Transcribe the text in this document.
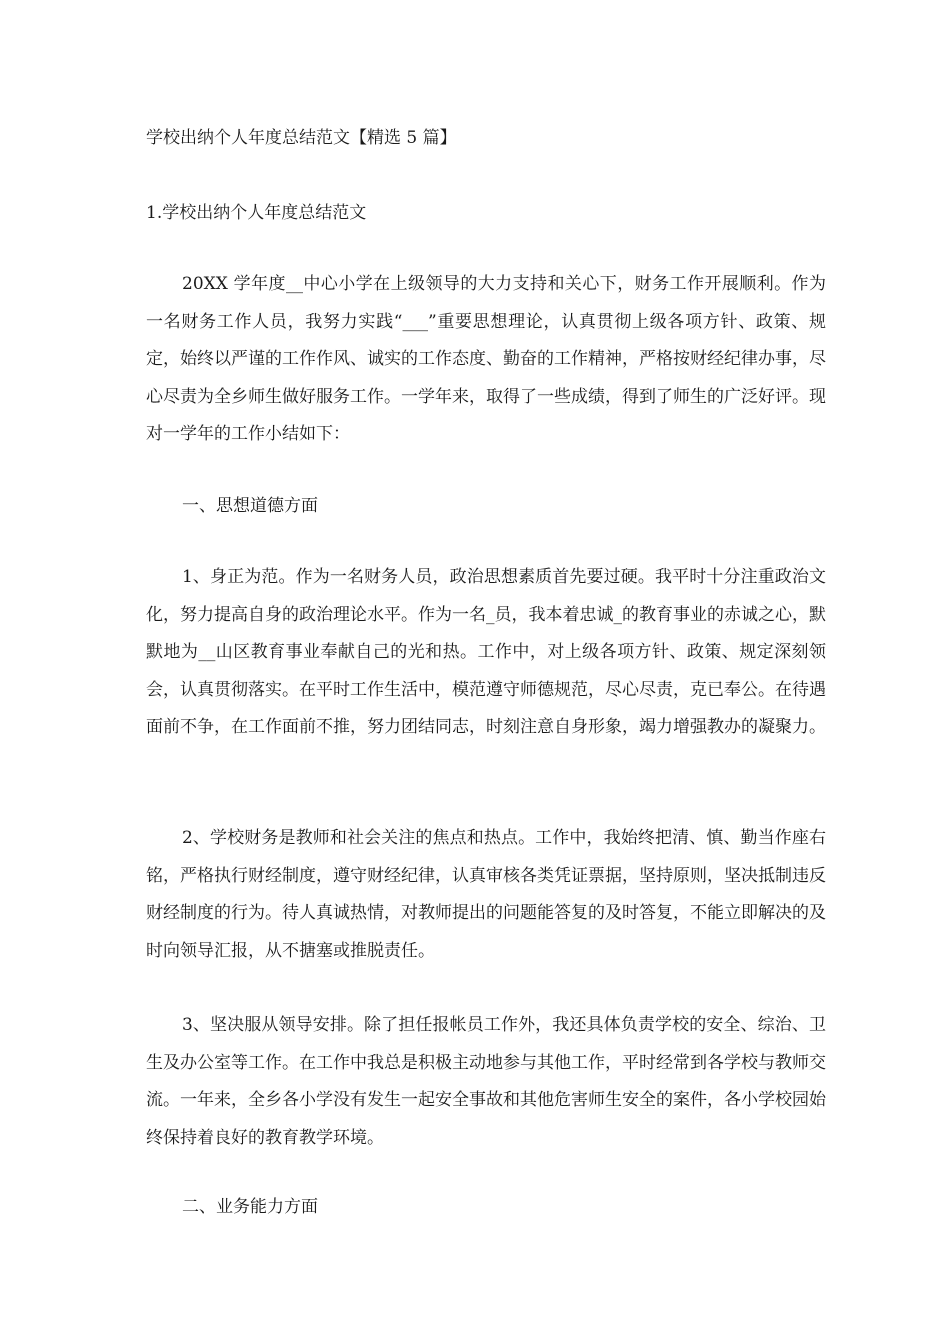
学校出纳个人年度总结范文【精选 5 篇】
1.学校出纳个人年度总结范文

20XX 学年度__中心小学在上级领导的大力支持和关心下，财务工作开展顺利。作为一名财务工作人员，我努力实践“___”重要思想理论，认真贯彻上级各项方针、政策、规定，始终以严谨的工作作风、诚实的工作态度、勤奋的工作精神，严格按财经纪律办事，尽心尽责为全乡师生做好服务工作。一学年来，取得了一些成绩，得到了师生的广泛好评。现对一学年的工作小结如下：

一、思想道德方面

1、身正为范。作为一名财务人员，政治思想素质首先要过硬。我平时十分注重政治文化，努力提高自身的政治理论水平。作为一名_员，我本着忠诚_的教育事业的赤诚之心，默默地为__山区教育事业奉献自己的光和热。工作中，对上级各项方针、政策、规定深刻领会，认真贯彻落实。在平时工作生活中，模范遵守师德规范，尽心尽责，克已奉公。在待遇面前不争，在工作面前不推，努力团结同志，时刻注意自身形象，竭力增强教办的凝聚力。

2、学校财务是教师和社会关注的焦点和热点。工作中，我始终把清、慎、勤当作座右铭，严格执行财经制度，遵守财经纪律，认真审核各类凭证票据，坚持原则，坚决抵制违反财经制度的行为。待人真诚热情，对教师提出的问题能答复的及时答复，不能立即解决的及时向领导汇报，从不搪塞或推脱责任。

3、坚决服从领导安排。除了担任报帐员工作外，我还具体负责学校的安全、综治、卫生及办公室等工作。在工作中我总是积极主动地参与其他工作，平时经常到各学校与教师交流。一年来，全乡各小学没有发生一起安全事故和其他危害师生安全的案件，各小学校园始终保持着良好的教育教学环境。

二、业务能力方面
